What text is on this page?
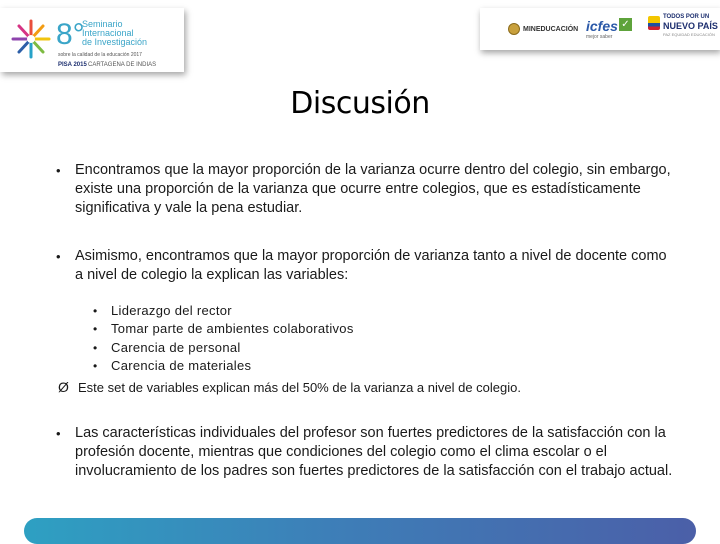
8°
Seminario
Internacional
de Investigación
sobre la calidad de la educación 2017
PISA 2015 CARTAGENA DE INDIAS
MINEDUCACIÓN icfes ✓
mejor saber
TODOS POR UN
NUEVO PAÍS
PAZ EQUIDAD EDUCACIÓN
Discusión
• Encontramos que la mayor proporción de la varianza ocurre dentro del colegio, sin embargo, existe una proporción de la varianza que ocurre entre colegios, que es estadísticamente significativa y vale la pena estudiar.
• Asimismo, encontramos que la mayor proporción de varianza tanto a nivel de docente como a nivel de colegio la explican las variables:
• Liderazgo del rector
• Tomar parte de ambientes colaborativos
• Carencia de personal
• Carencia de materiales
Ø Este set de variables explican más del 50% de la varianza a nivel de colegio.
• Las características individuales del profesor son fuertes predictores de la satisfacción con la profesión docente, mientras que condiciones del colegio como el clima escolar o el involucramiento de los padres son fuertes predictores de la satisfacción con el trabajo actual.
